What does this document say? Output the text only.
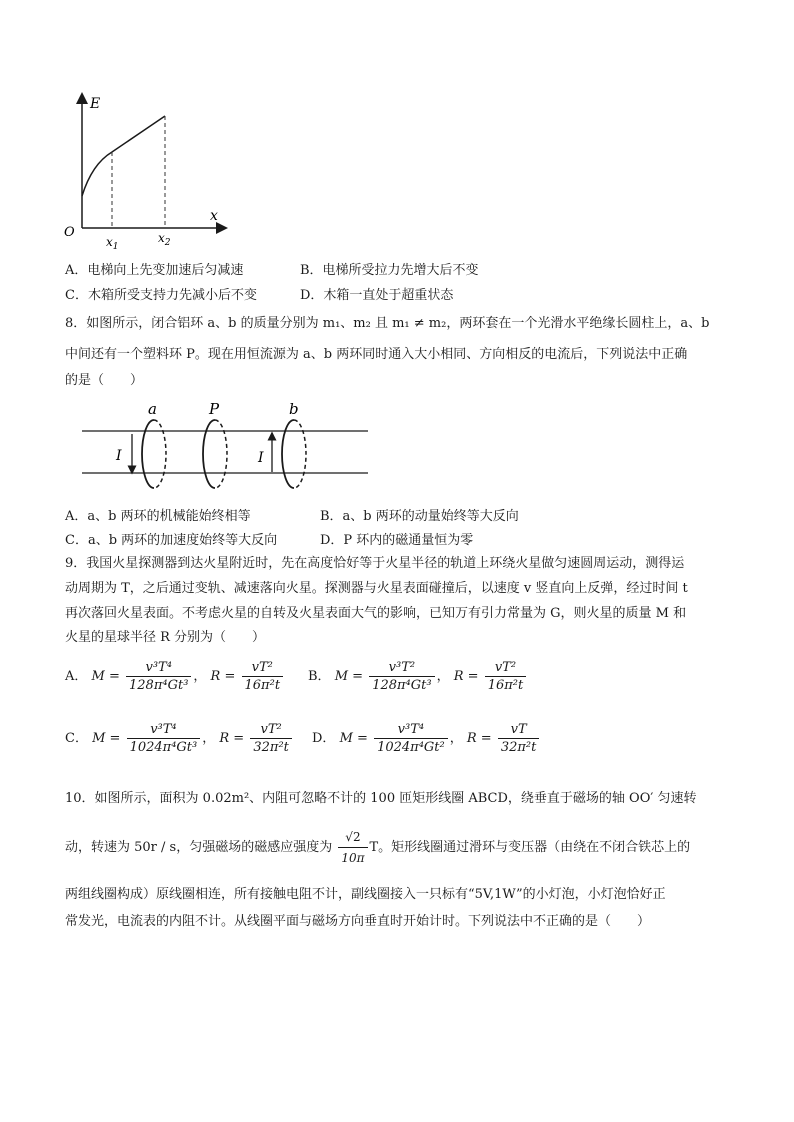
E
x
O
$x_1$
$x_2$
A．电梯向上先变加速后匀减速	B．电梯所受拉力先增大后不变
C．木箱所受支持力先减小后不变	D．木箱一直处于超重状态
8．如图所示，闭合铝环 a、b 的质量分别为 m₁、m₂ 且 m₁ ≠ m₂，两环套在一个光滑水平绝缘长圆柱上，a、b
中间还有一个塑料环 P。现在用恒流源为 a、b 两环同时通入大小相同、方向相反的电流后，下列说法中正确
的是（　　）
a	P	b
I	I
A．a、b 两环的机械能始终相等	B．a、b 两环的动量始终等大反向
C．a、b 两环的加速度始终等大反向	D．P 环内的磁通量恒为零
9．我国火星探测器到达火星附近时，先在高度恰好等于火星半径的轨道上环绕火星做匀速圆周运动，测得运
动周期为 T，之后通过变轨、减速落向火星。探测器与火星表面碰撞后，以速度 v 竖直向上反弹，经过时间 t
再次落回火星表面。不考虑火星的自转及火星表面大气的影响，已知万有引力常量为 G，则火星的质量 M 和
火星的星球半径 R 分别为（　　）
A． $M = \frac{\text{v³T⁴}}{\text{128π⁴Gt³}}$ ， $R = \frac{\text{vT²}}{\text{16π²t}}$ B． $M = \frac{\text{v³T²}}{\text{128π⁴Gt³}}$ ， $R = \frac{\text{vT²}}{\text{16π²t}}$
C． $M = \frac{\text{v³T⁴}}{\text{1024π⁴Gt³}}$ ， $R = \frac{\text{vT²}}{\text{32π²t}}$ D． $M = \frac{\text{v³T⁴}}{\text{1024π⁴Gt²}}$ ， $R = \frac{vT}{\text{32π²t}}$
10．如图所示，面积为 0.02m²、内阻可忽略不计的 100 匝矩形线圈 ABCD，绕垂直于磁场的轴 OO′ 匀速转
动，转速为 50r / s，匀强磁场的磁感应强度为 $\frac{√2}{10\pi}$ T。矩形线圈通过滑环与变压器（由绕在不闭合铁芯上的
两组线圈构成）原线圈相连，所有接触电阻不计，副线圈接入一只标有“5V,1W”的小灯泡，小灯泡恰好正
常发光，电流表的内阻不计。从线圈平面与磁场方向垂直时开始计时。下列说法中不正确的是（　　）
